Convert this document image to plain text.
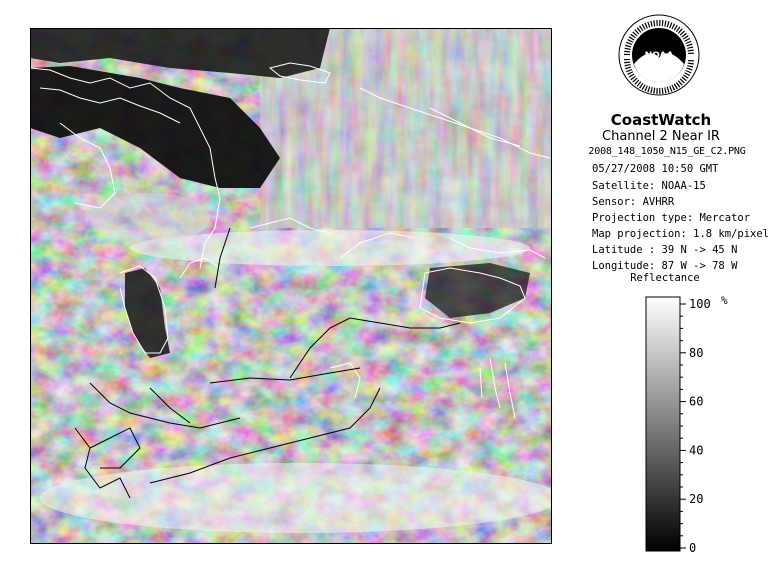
NOAA
CoastWatch
Channel 2 Near IR
2008_148_1050_N15_GE_C2.PNG
05/27/2008 10:50 GMT
Satellite: NOAA-15
Sensor: AVHRR
Projection type: Mercator
Map projection: 1.8 km/pixel
Latitude : 39 N -> 45 N
Longitude: 87 W -> 78 W
Reflectance
100
80
60
40
20
0
%
